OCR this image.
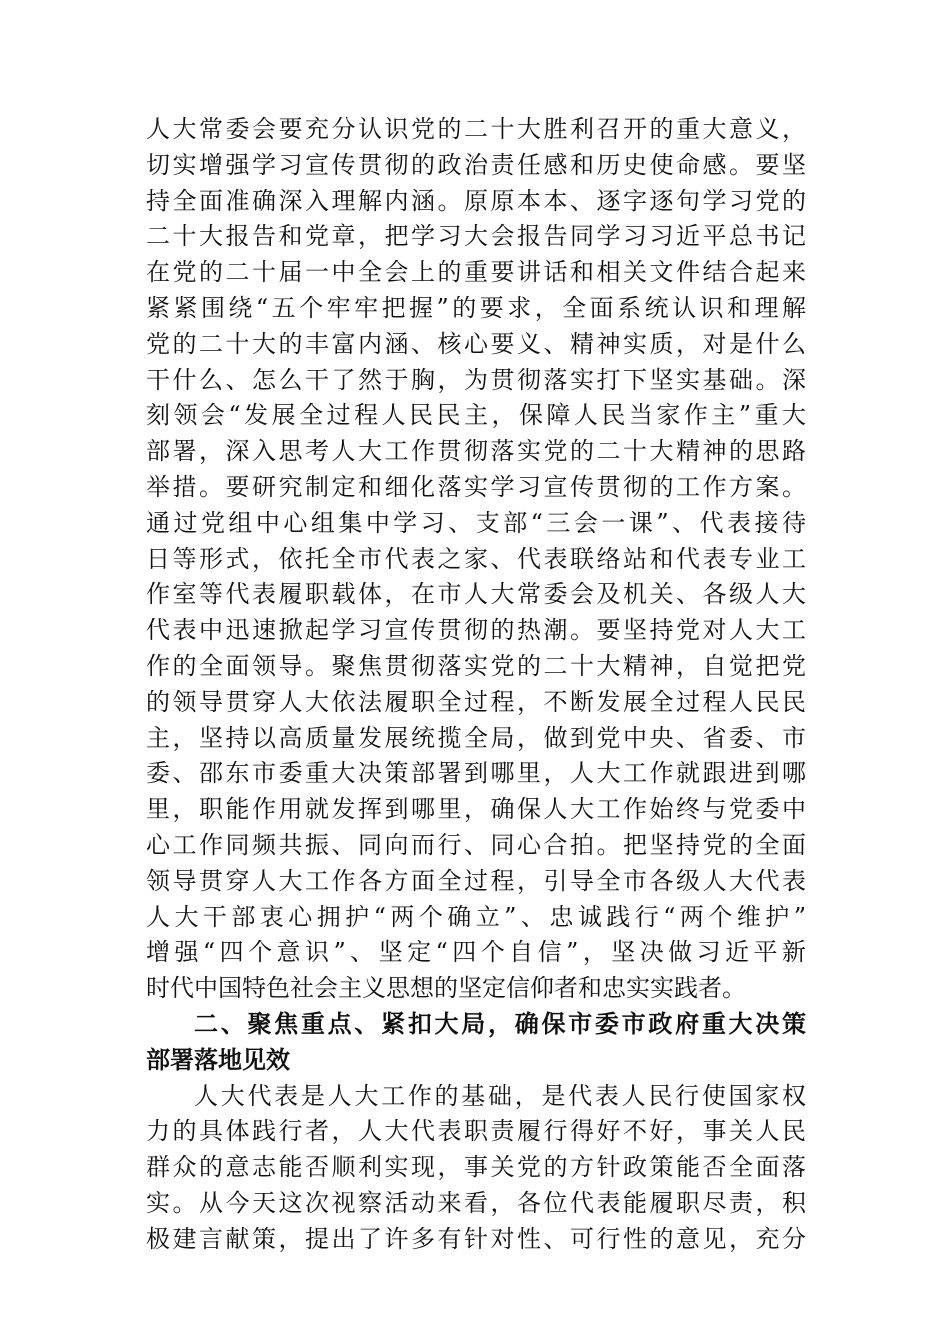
人大常委会要充分认识党的二十大胜利召开的重大意义，
切实增强学习宣传贯彻的政治责任感和历史使命感。要坚
持全面准确深入理解内涵。原原本本、逐字逐句学习党的
二十大报告和党章，把学习大会报告同学习习近平总书记
在党的二十届一中全会上的重要讲话和相关文件结合起来
紧紧围绕“五个牢牢把握”的要求，全面系统认识和理解
党的二十大的丰富内涵、核心要义、精神实质，对是什么
干什么、怎么干了然于胸，为贯彻落实打下坚实基础。深
刻领会“发展全过程人民民主，保障人民当家作主”重大
部署，深入思考人大工作贯彻落实党的二十大精神的思路
举措。要研究制定和细化落实学习宣传贯彻的工作方案。
通过党组中心组集中学习、支部“三会一课”、代表接待
日等形式，依托全市代表之家、代表联络站和代表专业工
作室等代表履职载体，在市人大常委会及机关、各级人大
代表中迅速掀起学习宣传贯彻的热潮。要坚持党对人大工
作的全面领导。聚焦贯彻落实党的二十大精神，自觉把党
的领导贯穿人大依法履职全过程，不断发展全过程人民民
主，坚持以高质量发展统揽全局，做到党中央、省委、市
委、邵东市委重大决策部署到哪里，人大工作就跟进到哪
里，职能作用就发挥到哪里，确保人大工作始终与党委中
心工作同频共振、同向而行、同心合拍。把坚持党的全面
领导贯穿人大工作各方面全过程，引导全市各级人大代表
人大干部衷心拥护“两个确立”、忠诚践行“两个维护”
增强“四个意识”、坚定“四个自信”，坚决做习近平新
时代中国特色社会主义思想的坚定信仰者和忠实实践者。
二、聚焦重点、紧扣大局，确保市委市政府重大决策
部署落地见效
人大代表是人大工作的基础，是代表人民行使国家权
力的具体践行者，人大代表职责履行得好不好，事关人民
群众的意志能否顺利实现，事关党的方针政策能否全面落
实。从今天这次视察活动来看，各位代表能履职尽责，积
极建言献策，提出了许多有针对性、可行性的意见，充分
